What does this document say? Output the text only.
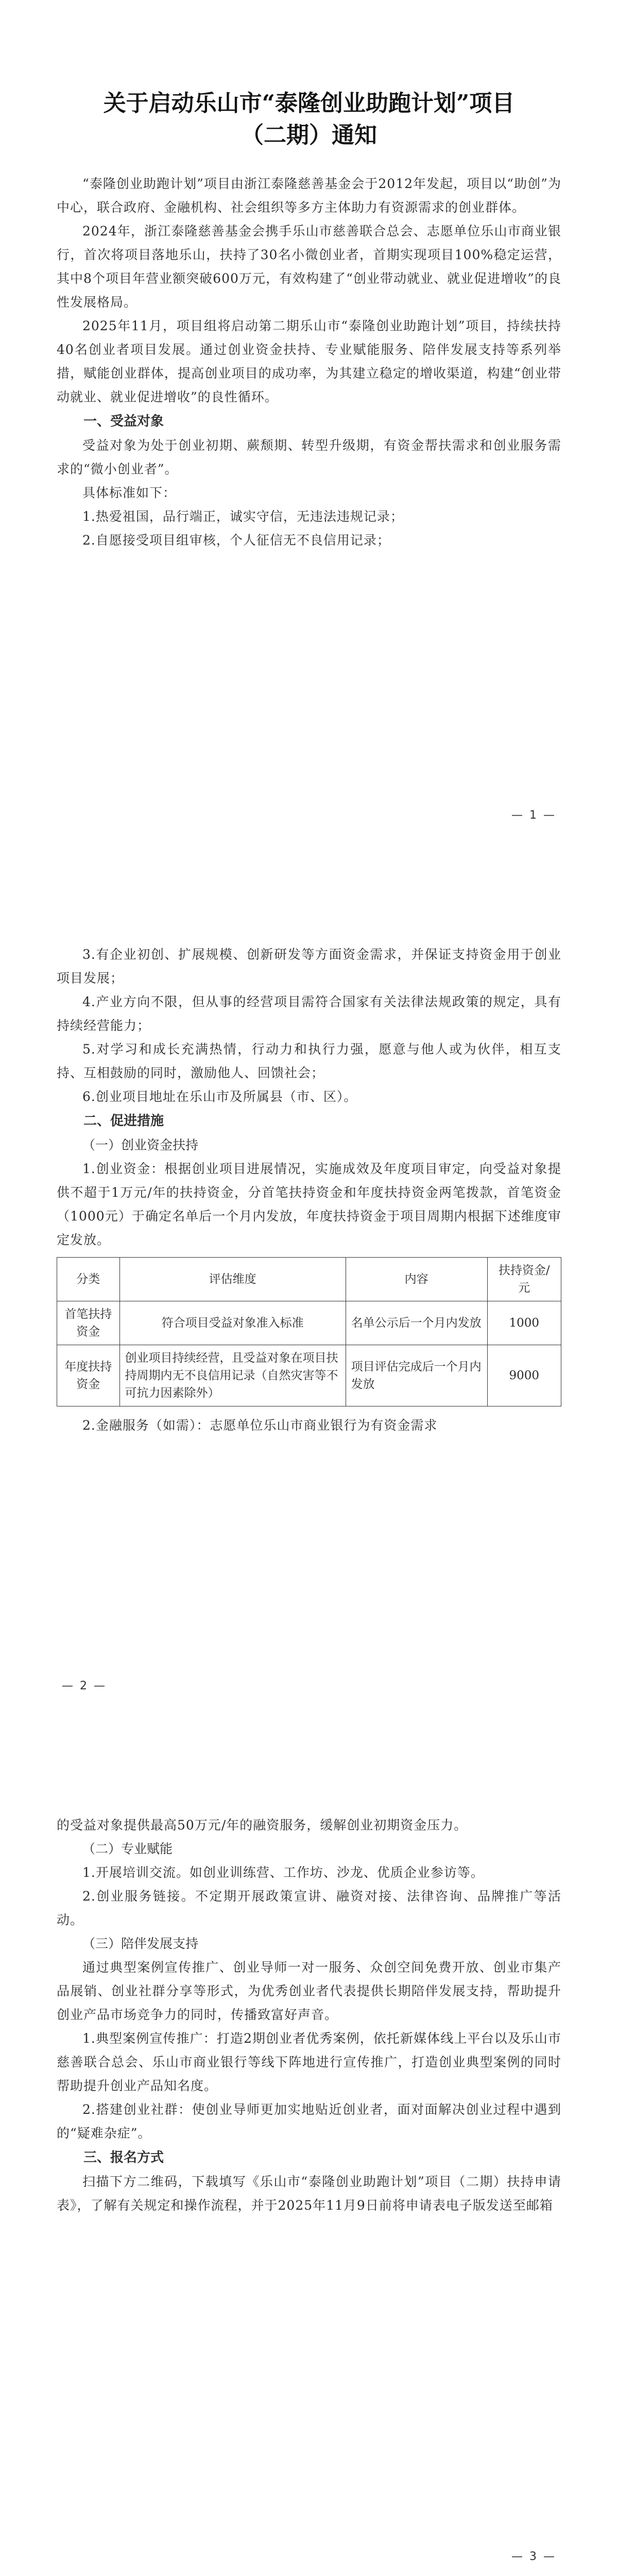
关于启动乐山市“泰隆创业助跑计划”项目
（二期）通知

“泰隆创业助跑计划”项目由浙江泰隆慈善基金会于2012年发起，项目以“助创”为中心，联合政府、金融机构、社会组织等多方主体助力有资源需求的创业群体。

2024年，浙江泰隆慈善基金会携手乐山市慈善联合总会、志愿单位乐山市商业银行，首次将项目落地乐山，扶持了30名小微创业者，首期实现项目100%稳定运营，其中8个项目年营业额突破600万元，有效构建了“创业带动就业、就业促进增收”的良性发展格局。

2025年11月，项目组将启动第二期乐山市“泰隆创业助跑计划”项目，持续扶持40名创业者项目发展。通过创业资金扶持、专业赋能服务、陪伴发展支持等系列举措，赋能创业群体，提高创业项目的成功率，为其建立稳定的增收渠道，构建“创业带动就业、就业促进增收”的良性循环。

一、受益对象

受益对象为处于创业初期、蕨颓期、转型升级期，有资金帮扶需求和创业服务需求的“微小创业者”。

具体标准如下：

1.热爱祖国，品行端正，诚实守信，无违法违规记录；

2.自愿接受项目组审核，个人征信无不良信用记录；

— 1 —

3.有企业初创、扩展规模、创新研发等方面资金需求，并保证支持资金用于创业项目发展；

4.产业方向不限，但从事的经营项目需符合国家有关法律法规政策的规定，具有持续经营能力；

5.对学习和成长充满热情，行动力和执行力强，愿意与他人或为伙伴，相互支持、互相鼓励的同时，激励他人、回馈社会；

6.创业项目地址在乐山市及所属县（市、区）。

二、促进措施

（一）创业资金扶持

1.创业资金：根据创业项目进展情况，实施成效及年度项目审定，向受益对象提供不超于1万元/年的扶持资金，分首笔扶持资金和年度扶持资金两笔拨款，首笔资金（1000元）于确定名单后一个月内发放，年度扶持资金于项目周期内根据下述维度审定发放。

分类	评估维度	内容	扶持资金/元
首笔扶持资金	符合项目受益对象准入标准	名单公示后一个月内发放	1000
年度扶持资金	创业项目持续经营，且受益对象在项目扶持周期内无不良信用记录（自然灾害等不可抗力因素除外）	项目评估完成后一个月内发放	9000

2.金融服务（如需）：志愿单位乐山市商业银行为有资金需求

— 2 —

的受益对象提供最高50万元/年的融资服务，缓解创业初期资金压力。

（二）专业赋能

1.开展培训交流。如创业训练营、工作坊、沙龙、优质企业参访等。

2.创业服务链接。不定期开展政策宣讲、融资对接、法律咨询、品牌推广等活动。

（三）陪伴发展支持

通过典型案例宣传推广、创业导师一对一服务、众创空间免费开放、创业市集产品展销、创业社群分享等形式，为优秀创业者代表提供长期陪伴发展支持，帮助提升创业产品市场竞争力的同时，传播致富好声音。

1.典型案例宣传推广：打造2期创业者优秀案例，依托新媒体线上平台以及乐山市慈善联合总会、乐山市商业银行等线下阵地进行宣传推广，打造创业典型案例的同时帮助提升创业产品知名度。

2.搭建创业社群：使创业导师更加实地贴近创业者，面对面解决创业过程中遇到的“疑难杂症”。

三、报名方式

扫描下方二维码，下载填写《乐山市“泰隆创业助跑计划”项目（二期）扶持申请表》，了解有关规定和操作流程，并于2025年11月9日前将申请表电子版发送至邮箱

— 3 —
